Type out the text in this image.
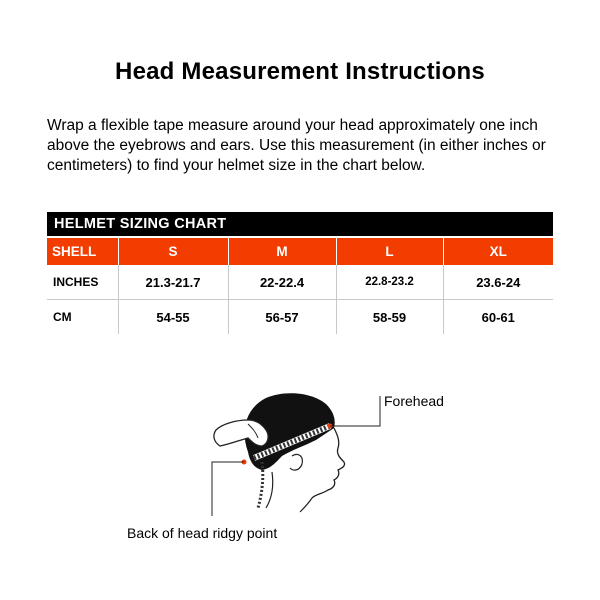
Head Measurement Instructions
Wrap a flexible tape measure around your head approximately one inch above the eyebrows and ears. Use this measurement (in either inches or centimeters) to find your helmet size in the chart below.
HELMET SIZING CHART
SHELL	S	M	L	XL
INCHES	21.3-21.7	22-22.4	22.8-23.2	23.6-24
CM	54-55	56-57	58-59	60-61
Forehead
Back of head ridgy point
